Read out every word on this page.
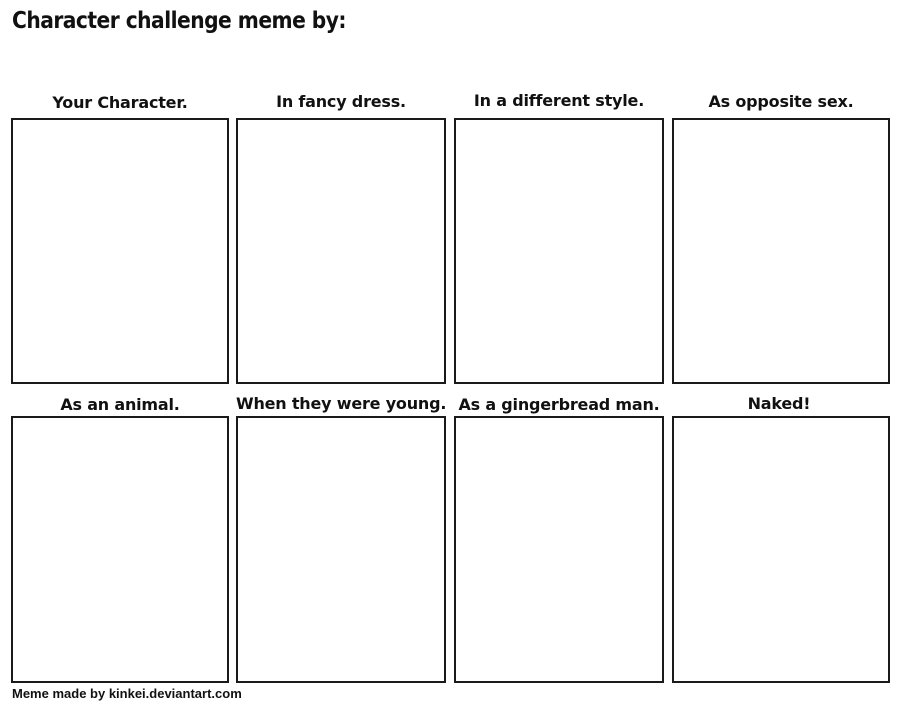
Character challenge meme by:
Your Character.	In fancy dress.	In a different style.	As opposite sex.
As an animal.	When they were young. As a gingerbread man.	Naked!
Meme made by kinkei.deviantart.com
